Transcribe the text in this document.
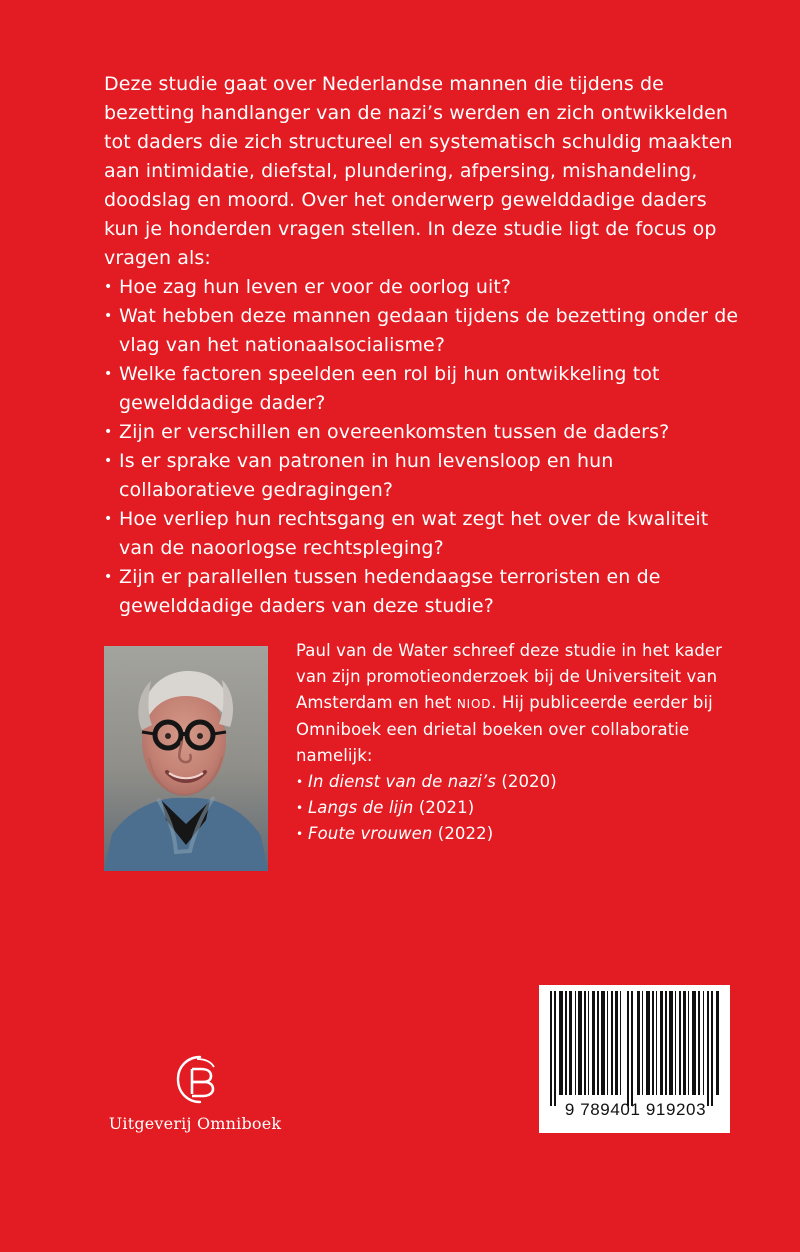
Deze studie gaat over Nederlandse mannen die tijdens de bezetting handlanger van de nazi’s werden en zich ontwikkelden tot daders die zich structureel en systematisch schuldig maakten aan intimidatie, diefstal, plundering, afpersing, mishandeling, doodslag en moord. Over het onderwerp gewelddadige daders kun je honderden vragen stellen. In deze studie ligt de focus op vragen als:

• Hoe zag hun leven er voor de oorlog uit?
• Wat hebben deze mannen gedaan tijdens de bezetting onder de vlag van het nationaalsocialisme?
• Welke factoren speelden een rol bij hun ontwikkeling tot gewelddadige dader?
• Zijn er verschillen en overeenkomsten tussen de daders?
• Is er sprake van patronen in hun levensloop en hun collaboratieve gedragingen?
• Hoe verliep hun rechtsgang en wat zegt het over de kwaliteit van de naoorlogse rechtspleging?
• Zijn er parallellen tussen hedendaagse terroristen en de gewelddadige daders van deze studie?

Paul van de Water schreef deze studie in het kader van zijn promotieonderzoek bij de Universiteit van Amsterdam en het NIOD. Hij publiceerde eerder bij Omniboek een drietal boeken over collaboratie namelijk:

• In dienst van de nazi’s (2020)
• Langs de lijn (2021)
• Foute vrouwen (2022)
9 789401 919203
Uitgeverij Omniboek
